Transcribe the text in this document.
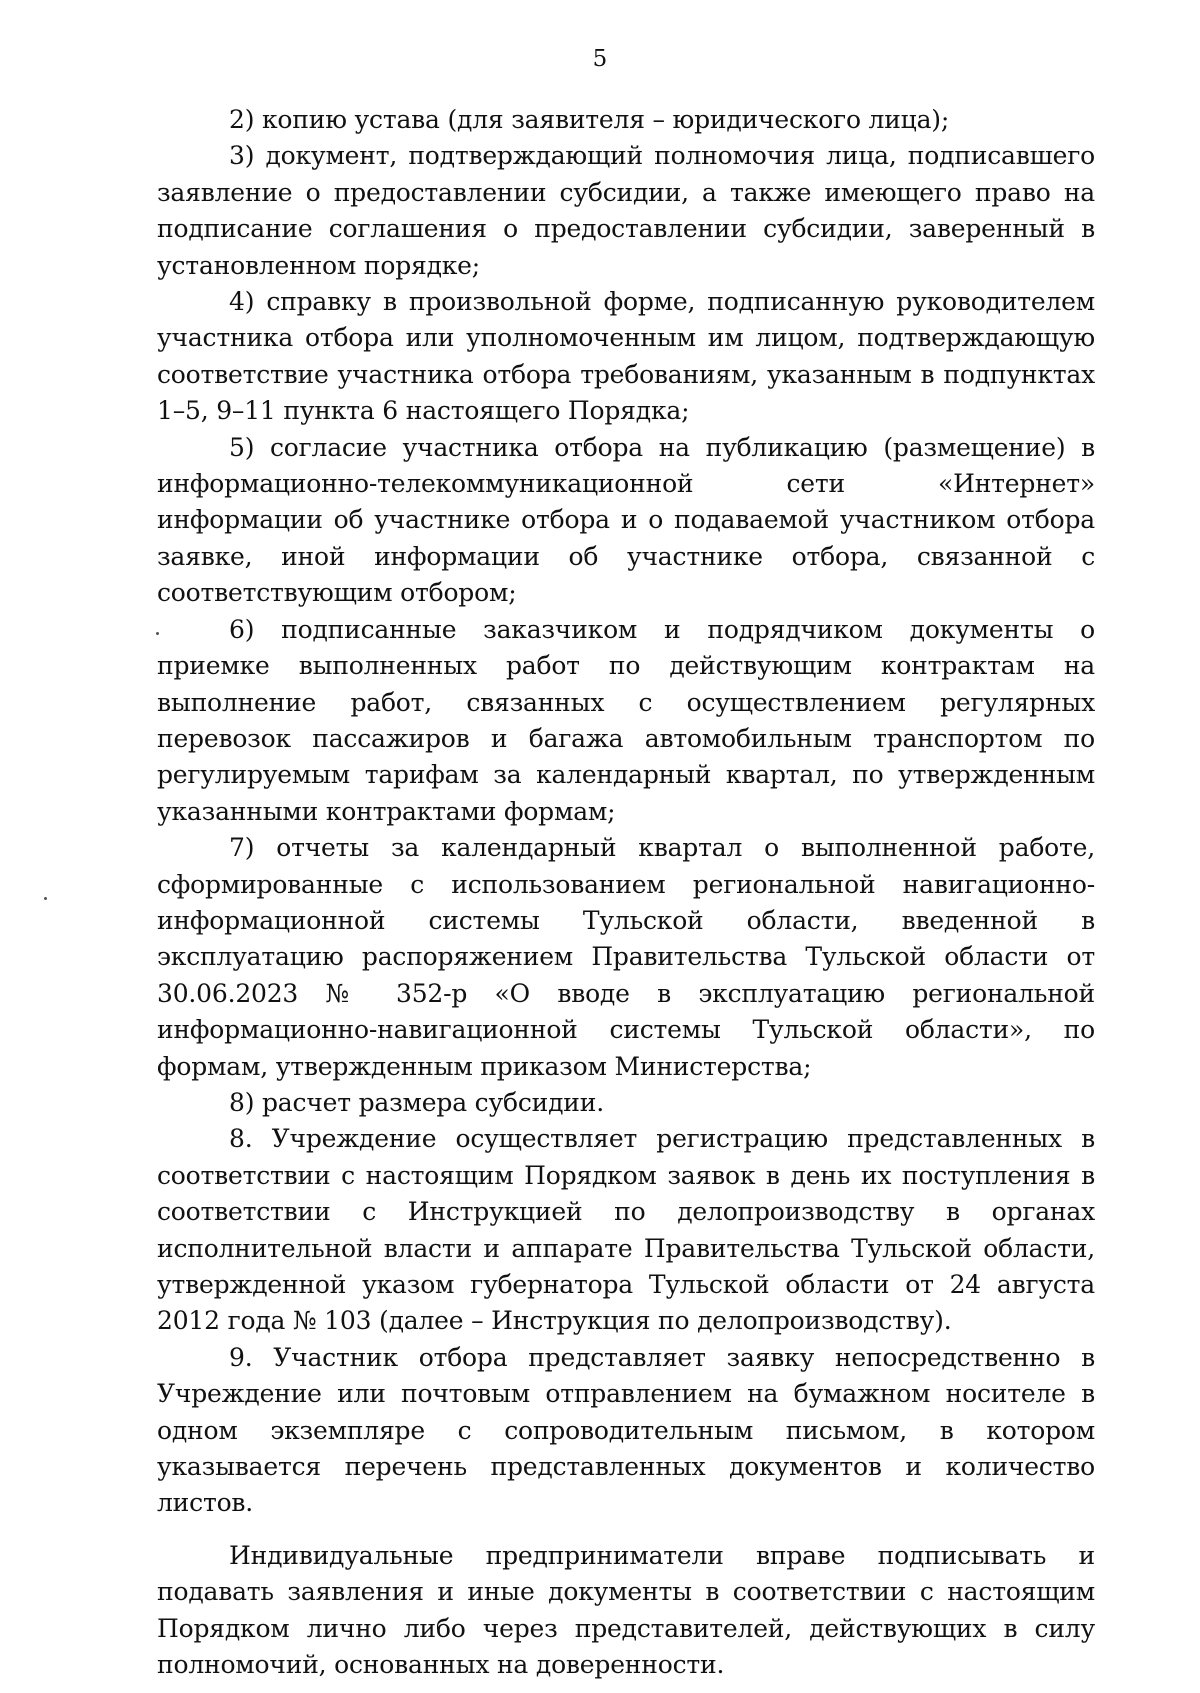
5

2) копию устава (для заявителя – юридического лица);

3) документ, подтверждающий полномочия лица, подписавшего заявление о предоставлении субсидии, а также имеющего право на подписание соглашения о предоставлении субсидии, заверенный в установленном порядке;

4) справку в произвольной форме, подписанную руководителем участника отбора или уполномоченным им лицом, подтверждающую соответствие участника отбора требованиям, указанным в подпунктах 1–5, 9–11 пункта 6 настоящего Порядка;

5) согласие участника отбора на публикацию (размещение) в информационно-телекоммуникационной сети «Интернет» информации об участнике отбора и о подаваемой участником отбора заявке, иной информации об участнике отбора, связанной с соответствующим отбором;

6) подписанные заказчиком и подрядчиком документы о приемке выполненных работ по действующим контрактам на выполнение работ, связанных с осуществлением регулярных перевозок пассажиров и багажа автомобильным транспортом по регулируемым тарифам за календарный квартал, по утвержденным указанными контрактами формам;

7) отчеты за календарный квартал о выполненной работе, сформированные с использованием региональной навигационно-информационной системы Тульской области, введенной в эксплуатацию распоряжением Правительства Тульской области от 30.06.2023 № 352-р «О вводе в эксплуатацию региональной информационно-навигационной системы Тульской области», по формам, утвержденным приказом Министерства;

8) расчет размера субсидии.

8. Учреждение осуществляет регистрацию представленных в соответствии с настоящим Порядком заявок в день их поступления в соответствии с Инструкцией по делопроизводству в органах исполнительной власти и аппарате Правительства Тульской области, утвержденной указом губернатора Тульской области от 24 августа 2012 года № 103 (далее – Инструкция по делопроизводству).

9. Участник отбора представляет заявку непосредственно в Учреждение или почтовым отправлением на бумажном носителе в одном экземпляре с сопроводительным письмом, в котором указывается перечень представленных документов и количество листов.

Индивидуальные предприниматели вправе подписывать и подавать заявления и иные документы в соответствии с настоящим Порядком лично либо через представителей, действующих в силу полномочий, основанных на доверенности.
